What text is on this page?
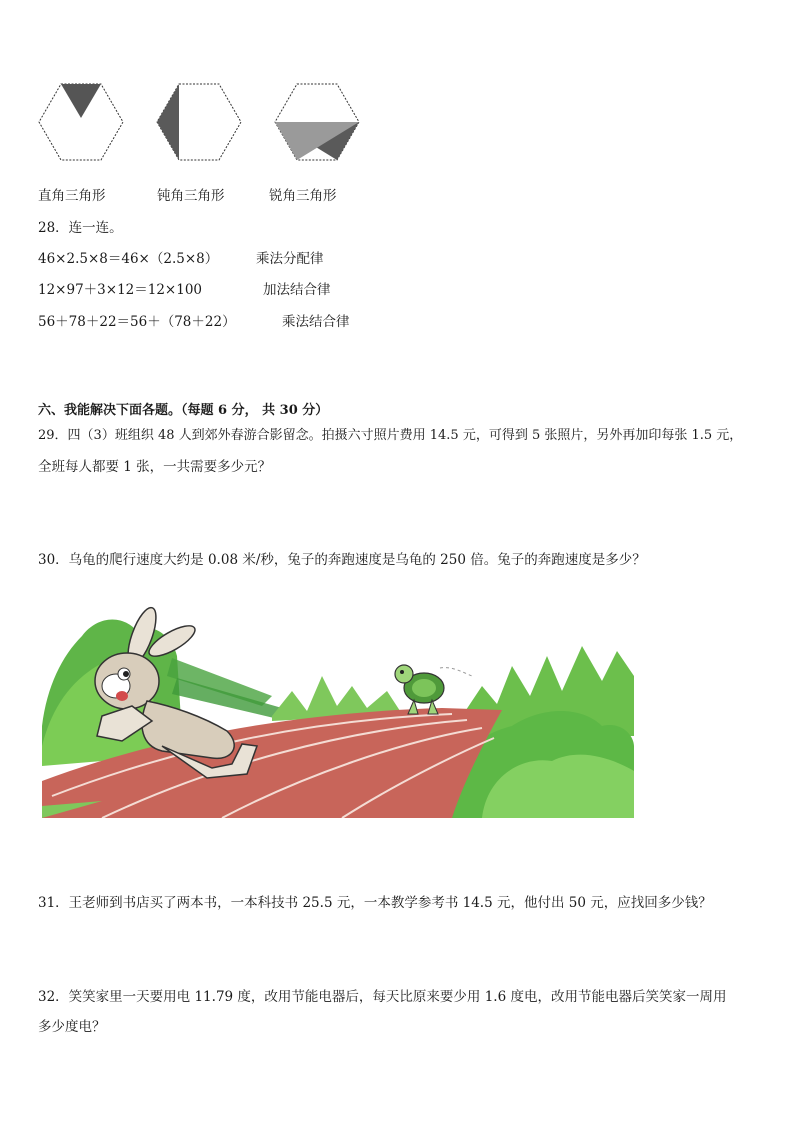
直角三角形	钝角三角形	锐角三角形
28．连一连。
46×2.5×8＝46×（2.5×8）	乘法分配律
12×97＋3×12＝12×100	加法结合律
56＋78＋22＝56＋（78＋22）	乘法结合律
六、我能解决下面各题。（每题 6 分， 共 30 分）
29．四（3）班组织 48 人到郊外春游合影留念。拍摄六寸照片费用 14.5 元，可得到 5 张照片，另外再加印每张 1.5 元，
全班每人都要 1 张，一共需要多少元？
30．乌龟的爬行速度大约是 0.08 米/秒，兔子的奔跑速度是乌龟的 250 倍。兔子的奔跑速度是多少？
31．王老师到书店买了两本书，一本科技书 25.5 元，一本教学参考书 14.5 元，他付出 50 元，应找回多少钱？
32．笑笑家里一天要用电 11.79 度，改用节能电器后，每天比原来要少用 1.6 度电，改用节能电器后笑笑家一周用
多少度电？
